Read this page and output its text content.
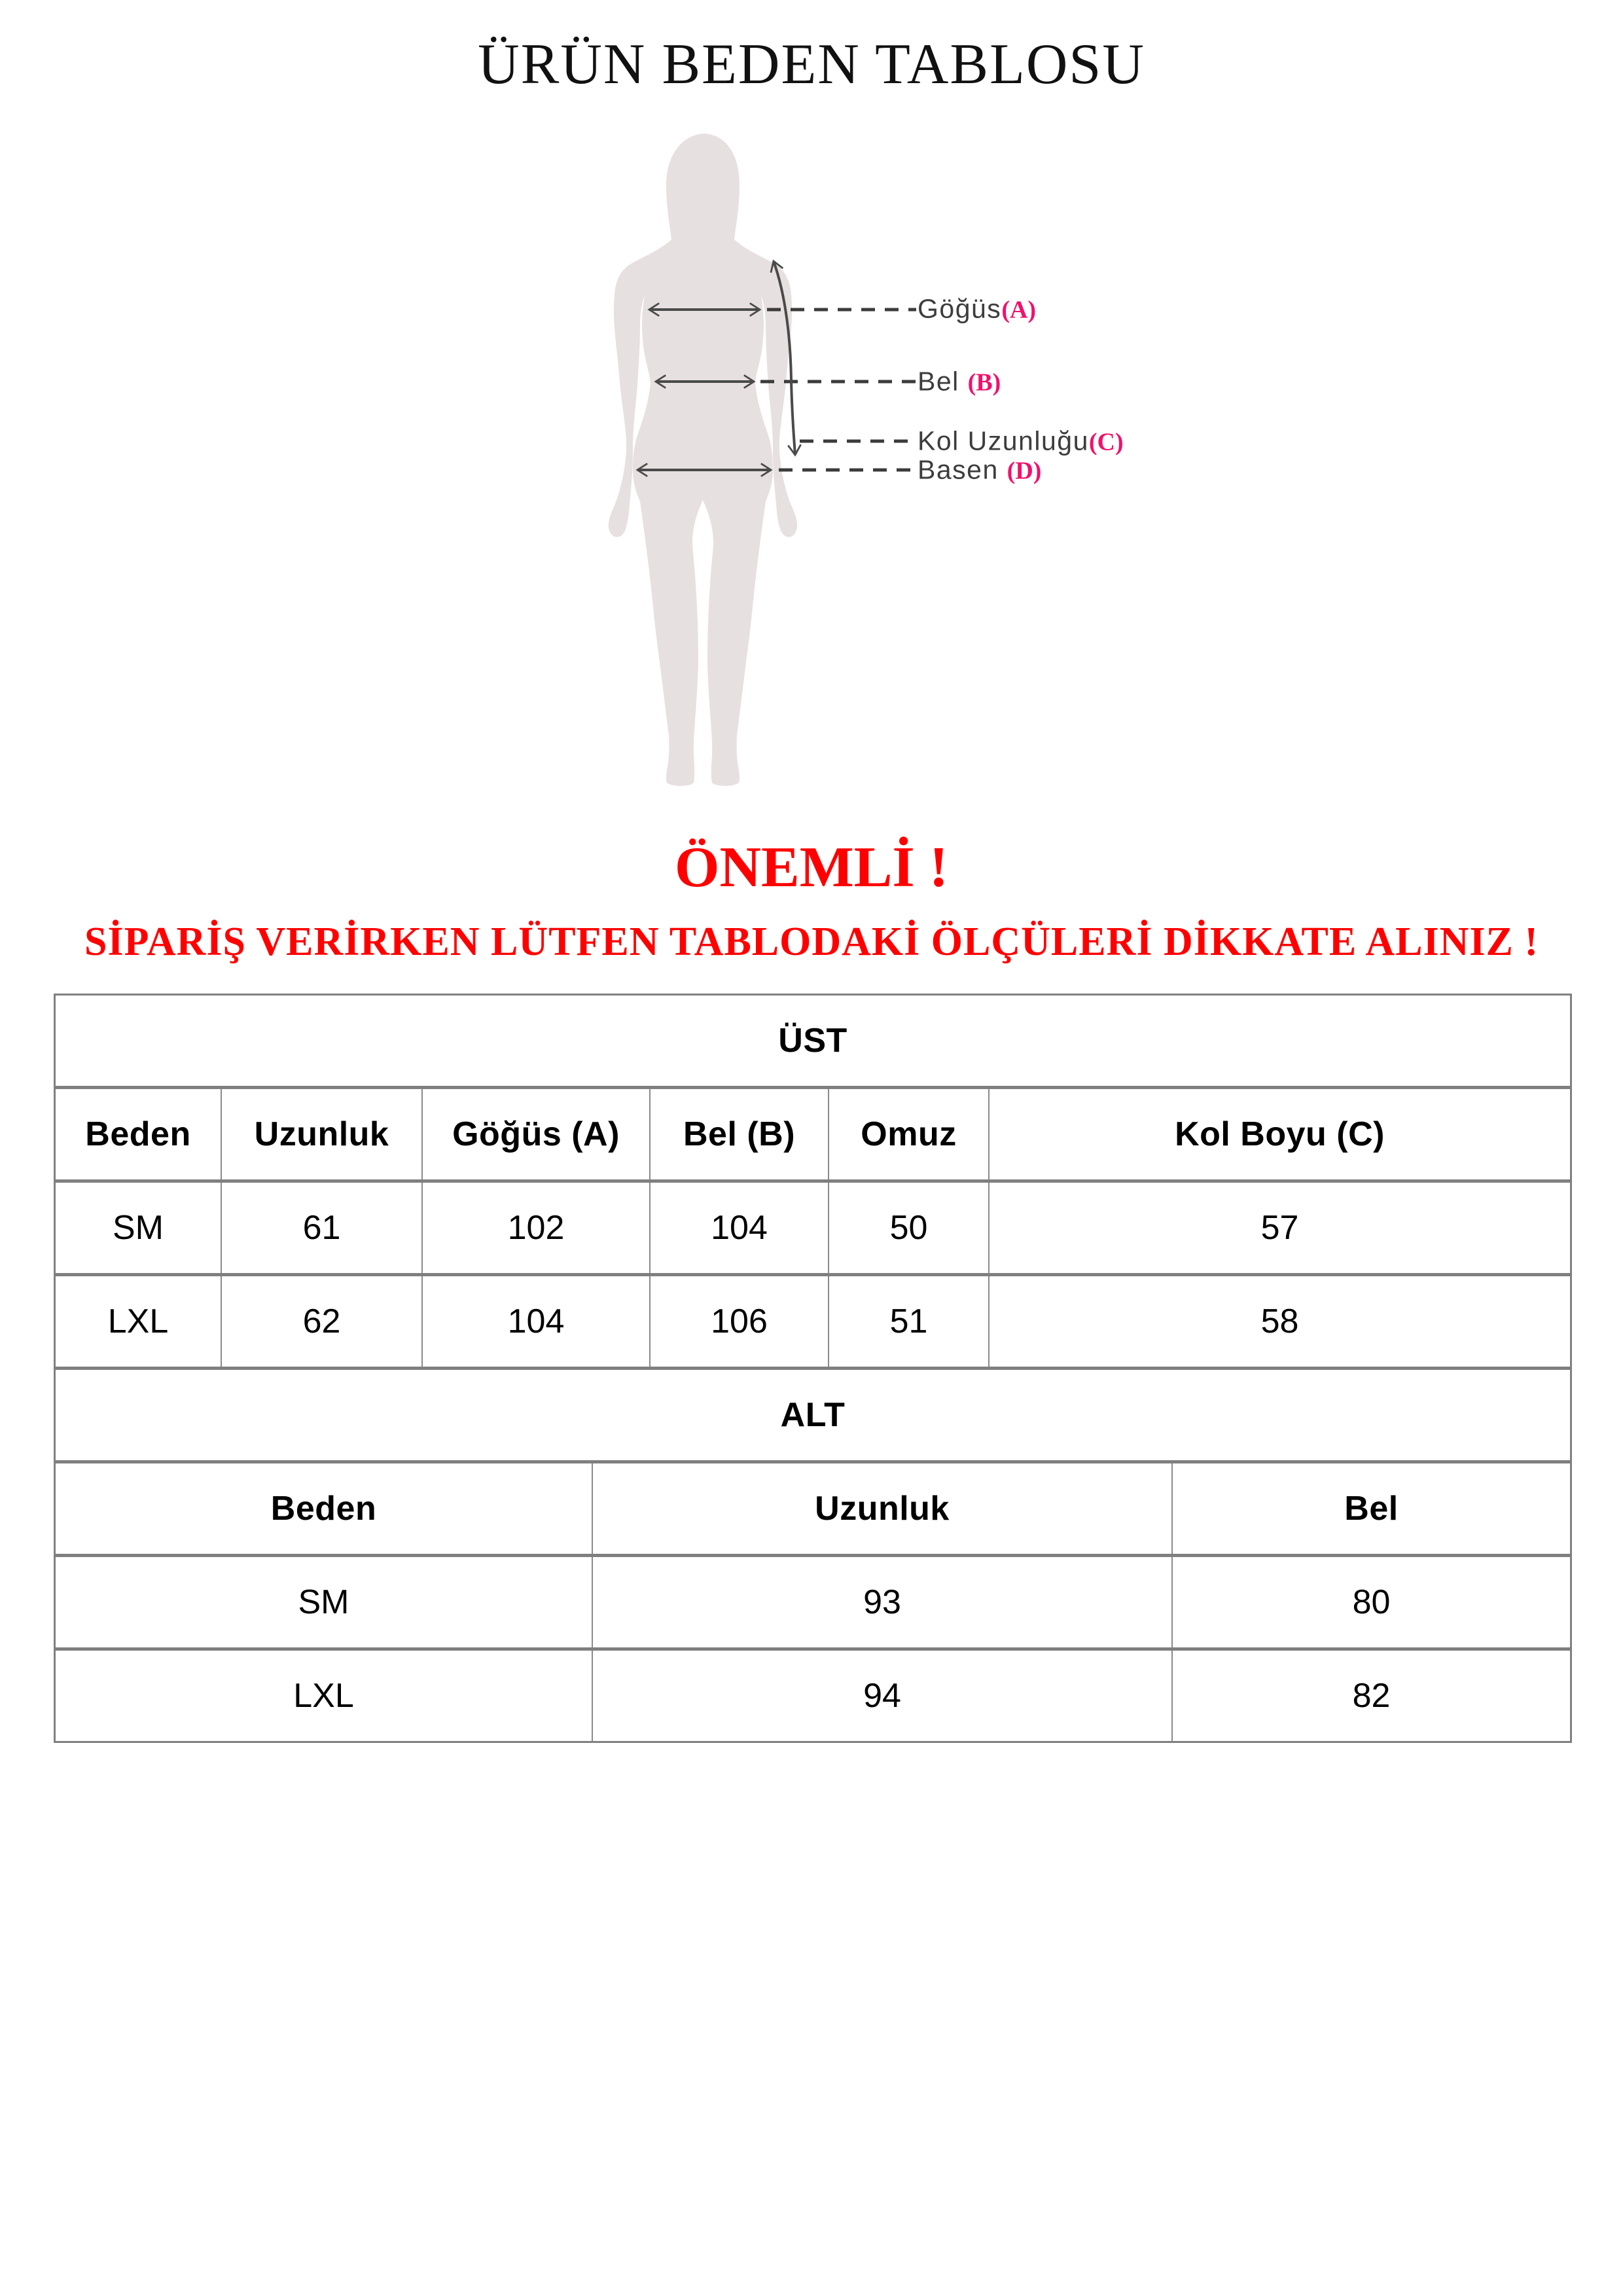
ÜRÜN BEDEN TABLOSU
Göğüs(A)
Bel (B)
Kol Uzunluğu(C)
Basen (D)
ÖNEMLİ !
SİPARİŞ VERİRKEN LÜTFEN TABLODAKİ ÖLÇÜLERİ DİKKATE ALINIZ !
ÜST					
Beden	Uzunluk	Göğüs (A)	Bel (B)	Omuz	Kol Boyu (C)
SM	61	102	104	50	57
LXL	62	104	106	51	58
ALT		
Beden	Uzunluk	Bel
SM	93	80
LXL	94	82
